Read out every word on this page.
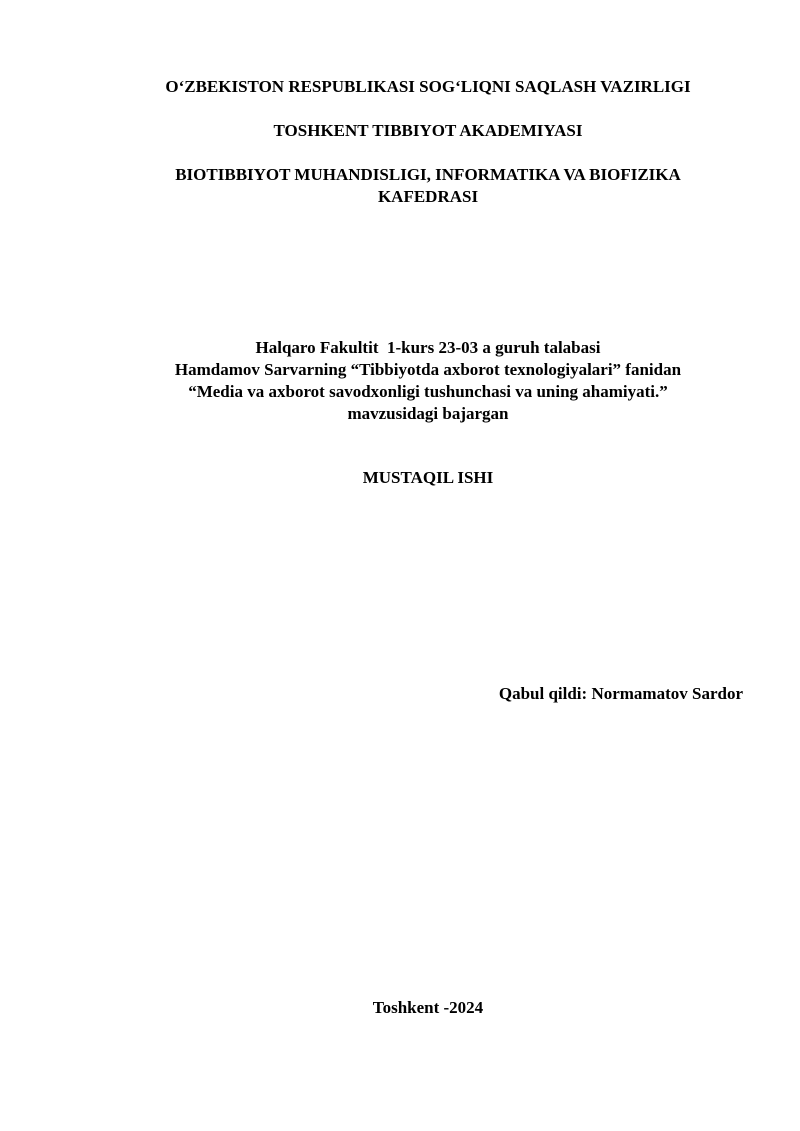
O‘ZBEKISTON RESPUBLIKASI SOG‘LIQNI SAQLASH VAZIRLIGI
TOSHKENT TIBBIYOT AKADEMIYASI
BIOTIBBIYOT MUHANDISLIGI, INFORMATIKA VA BIOFIZIKA
KAFEDRASI
Halqaro Fakultit  1-kurs 23-03 a guruh talabasi
Hamdamov Sarvarning “Tibbiyotda axborot texnologiyalari” fanidan
“Media va axborot savodxonligi tushunchasi va uning ahamiyati.”
mavzusidagi bajargan
MUSTAQIL ISHI
Qabul qildi: Normamatov Sardor
Toshkent -2024
